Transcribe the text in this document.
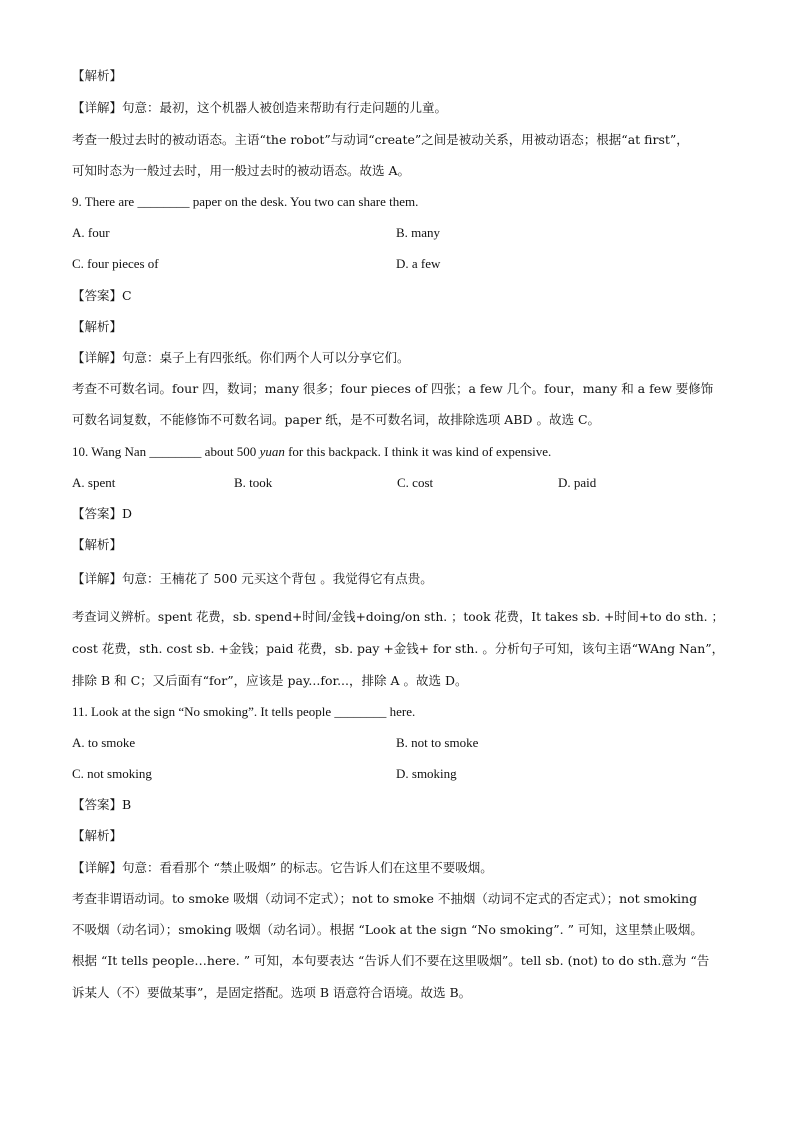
【解析】
【详解】句意：最初，这个机器人被创造来帮助有行走问题的儿童。
考查一般过去时的被动语态。主语“the robot”与动词“create”之间是被动关系，用被动语态；根据“at first”，
可知时态为一般过去时，用一般过去时的被动语态。故选 A。
9. There are ________ paper on the desk. You two can share them.
A. four	B. many
C. four pieces of	D. a few
【答案】C
【解析】
【详解】句意：桌子上有四张纸。你们两个人可以分享它们。
考查不可数名词。four 四，数词；many 很多；four pieces of 四张；a few 几个。four，many 和 a few 要修饰
可数名词复数，不能修饰不可数名词。paper 纸，是不可数名词，故排除选项 ABD 。故选 C。
10. Wang Nan ________ about 500 yuan for this backpack. I think it was kind of expensive.
A. spent	B. took	C. cost	D. paid
【答案】D
【解析】
【详解】句意：王楠花了 500 元买这个背包 。我觉得它有点贵。
考查词义辨析。spent 花费，sb. spend+时间/金钱+doing/on sth. ；took 花费，It takes sb. +时间+to do sth. ；
cost 花费，sth. cost sb. +金钱；paid 花费，sb. pay +金钱+ for sth. 。分析句子可知，该句主语“WAng Nan”，
排除 B 和 C；又后面有“for”，应该是 pay...for...，排除 A 。故选 D。
11. Look at the sign “No smoking”. It tells people ________ here.
A. to smoke	B. not to smoke
C. not smoking	D. smoking
【答案】B
【解析】
【详解】句意：看看那个 “禁止吸烟” 的标志。它告诉人们在这里不要吸烟。
考查非谓语动词。to smoke 吸烟（动词不定式）；not to smoke 不抽烟（动词不定式的否定式）；not smoking
不吸烟（动名词）；smoking 吸烟（动名词）。根据 “Look at the sign “No smoking”. ” 可知，这里禁止吸烟。
根据 “It tells people…here. ” 可知，本句要表达 “告诉人们不要在这里吸烟”。tell sb. (not) to do sth.意为 “告
诉某人（不）要做某事”，是固定搭配。选项 B 语意符合语境。故选 B。
